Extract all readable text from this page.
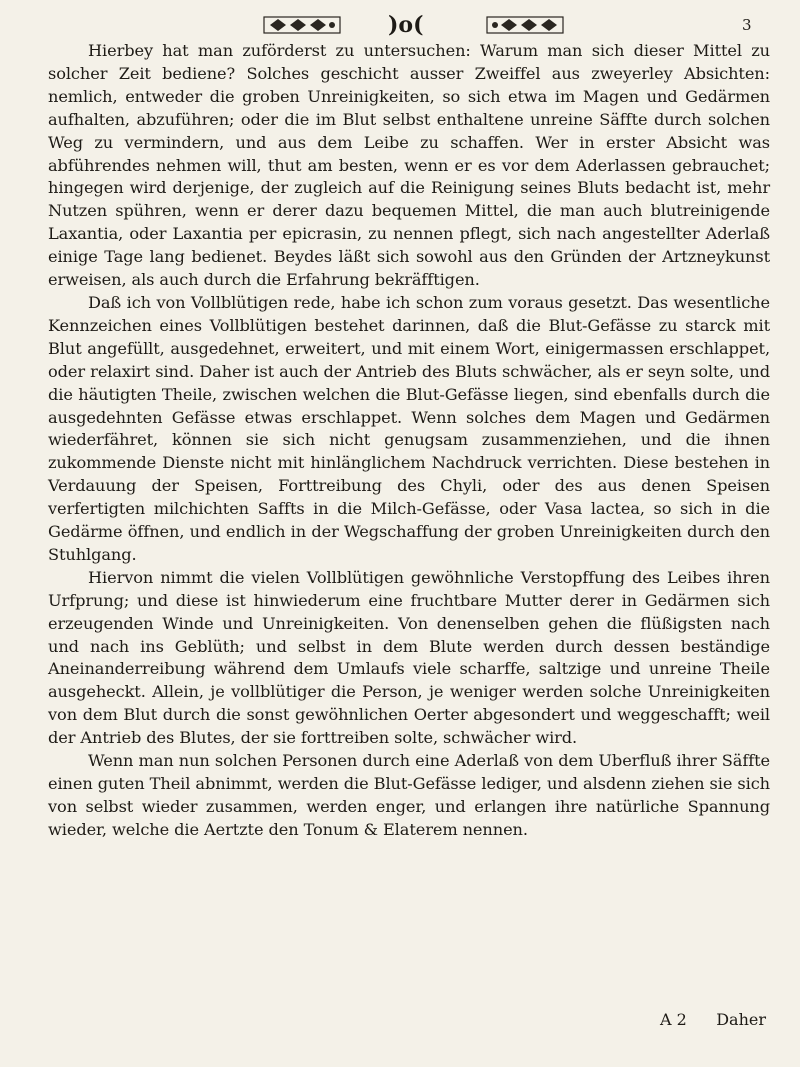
)o(	3

Hierbey hat man zuförderst zu untersuchen: Warum man sich dieser Mittel zu solcher Zeit bediene? Solches geschicht ausser Zweiffel aus zweyerley Absichten: nemlich, entweder die groben Unreinigkeiten, so sich etwa im Magen und Gedärmen aufhalten, abzuführen; oder die im Blut selbst enthaltene unreine Säffte durch solchen Weg zu vermindern, und aus dem Leibe zu schaffen. Wer in erster Absicht was abführendes nehmen will, thut am besten, wenn er es vor dem Aderlassen gebrauchet; hingegen wird derjenige, der zugleich auf die Reinigung seines Bluts bedacht ist, mehr Nutzen spühren, wenn er derer dazu bequemen Mittel, die man auch blutreinigende Laxantia, oder Laxantia per epicrasin, zu nennen pflegt, sich nach angestellter Aderlaß einige Tage lang bedienet. Beydes läßt sich sowohl aus den Gründen der Artzneykunst erweisen, als auch durch die Erfahrung bekräfftigen.

Daß ich von Vollblütigen rede, habe ich schon zum voraus gesetzt. Das wesentliche Kennzeichen eines Vollblütigen bestehet darinnen, daß die Blut-Gefässe zu starck mit Blut angefüllt, ausgedehnet, erweitert, und mit einem Wort, einigermassen erschlappet, oder relaxirt sind. Daher ist auch der Antrieb des Bluts schwächer, als er seyn solte, und die häutigten Theile, zwischen welchen die Blut-Gefässe liegen, sind ebenfalls durch die ausgedehnten Gefässe etwas erschlappet. Wenn solches dem Magen und Gedärmen wiederfähret, können sie sich nicht genugsam zusammenziehen, und die ihnen zukommende Dienste nicht mit hinlänglichem Nachdruck verrichten. Diese bestehen in Verdauung der Speisen, Forttreibung des Chyli, oder des aus denen Speisen verfertigten milchichten Saffts in die Milch-Gefässe, oder Vasa lactea, so sich in die Gedärme öffnen, und endlich in der Wegschaffung der groben Unreinigkeiten durch den Stuhlgang.

Hiervon nimmt die vielen Vollblütigen gewöhnliche Verstopffung des Leibes ihren Urfprung; und diese ist hinwiederum eine fruchtbare Mutter derer in Gedärmen sich erzeugenden Winde und Unreinigkeiten. Von denenselben gehen die flüßigsten nach und nach ins Geblüth; und selbst in dem Blute werden durch dessen beständige Aneinanderreibung während dem Umlaufs viele scharffe, saltzige und unreine Theile ausgeheckt. Allein, je vollblütiger die Person, je weniger werden solche Unreinigkeiten von dem Blut durch die sonst gewöhnlichen Oerter abgesondert und weggeschafft; weil der Antrieb des Blutes, der sie forttreiben solte, schwächer wird.

Wenn man nun solchen Personen durch eine Aderlaß von dem Uberfluß ihrer Säffte einen guten Theil abnimmt, werden die Blut-Gefässe lediger, und alsdenn ziehen sie sich von selbst wieder zusammen, werden enger, und erlangen ihre natürliche Spannung wieder, welche die Aertzte den Tonum & Elaterem nennen.

A 2 Daher
